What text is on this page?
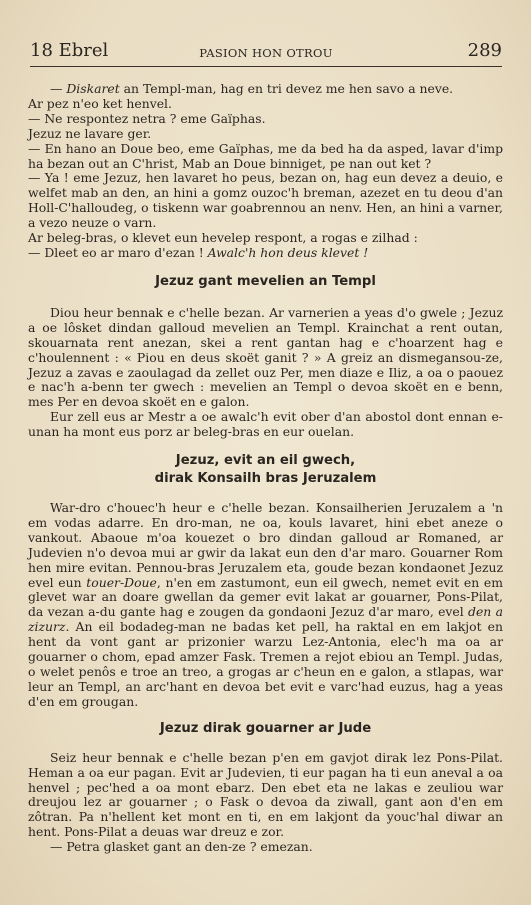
18 Ebrel	PASION HON OTROU	289

— Diskaret an Templ-man, hag en tri devez me hen savo a neve.

Ar pez n'eo ket henvel.

— Ne respontez netra ? eme Gaïphas.

Jezuz ne lavare ger.

— En hano an Doue beo, eme Gaïphas, me da bed ha da asped, lavar d'imp ha bezan out an C'hrist, Mab an Doue binniget, pe nan out ket ?

— Ya ! eme Jezuz, hen lavaret ho peus, bezan on, hag eun devez a deuio, e welfet mab an den, an hini a gomz ouzoc'h breman, azezet en tu deou d'an Holl-C'halloudeg, o tiskenn war goabrennou an nenv. Hen, an hini a varner, a vezo neuze o varn.

Ar beleg-bras, o klevet eun hevelep respont, a rogas e zilhad :

— Dleet eo ar maro d'ezan ! Awalc'h hon deus klevet !

Jezuz gant mevelien an Templ

Diou heur bennak e c'helle bezan. Ar varnerien a yeas d'o gwele ; Jezuz a oe lôsket dindan galloud mevelien an Templ. Krainchat a rent outan, skouarnata rent anezan, skei a rent gantan hag e c'hoarzent hag e c'houlennent : « Piou en deus skoët ganit ? » A greiz an dismegansou-ze, Jezuz a zavas e zaoulagad da zellet ouz Per, men diaze e Iliz, a oa o paouez e nac'h a-benn ter gwech : mevelien an Templ o devoa skoët en e benn, mes Per en devoa skoët en e galon.

Eur zell eus ar Mestr a oe awalc'h evit ober d'an abostol dont ennan e-unan ha mont eus porz ar beleg-bras en eur ouelan.

Jezuz, evit an eil gwech,
dirak Konsailh bras Jeruzalem

War-dro c'houec'h heur e c'helle bezan. Konsailherien Jeruzalem a 'n em vodas adarre. En dro-man, ne oa, kouls lavaret, hini ebet aneze o vankout. Abaoue m'oa kouezet o bro dindan galloud ar Romaned, ar Judevien n'o devoa mui ar gwir da lakat eun den d'ar maro. Gouarner Rom hen mire evitan. Pennou-bras Jeruzalem eta, goude bezan kondaonet Jezuz evel eun touer-Doue, n'en em zastumont, eun eil gwech, nemet evit en em glevet war an doare gwellan da gemer evit lakat ar gouarner, Pons-Pilat, da vezan a-du gante hag e zougen da gondaoni Jezuz d'ar maro, evel den a zizurz. An eil bodadeg-man ne badas ket pell, ha raktal en em lakjot en hent da vont gant ar prizonier warzu Lez-Antonia, elec'h ma oa ar gouarner o chom, epad amzer Fask. Tremen a rejot ebiou an Templ. Judas, o welet penôs e troe an treo, a grogas ar c'heun en e galon, a stlapas, war leur an Templ, an arc'hant en devoa bet evit e varc'had euzus, hag a yeas d'en em grougan.

Jezuz dirak gouarner ar Jude

Seiz heur bennak e c'helle bezan p'en em gavjot dirak lez Pons-Pilat. Heman a oa eur pagan. Evit ar Judevien, ti eur pagan ha ti eun aneval a oa henvel ; pec'hed a oa mont ebarz. Den ebet eta ne lakas e zeuliou war dreujou lez ar gouarner ; o Fask o devoa da ziwall, gant aon d'en em zôtran. Pa n'hellent ket mont en ti, en em lakjont da youc'hal diwar an hent. Pons-Pilat a deuas war dreuz e zor.

— Petra glasket gant an den-ze ? emezan.
